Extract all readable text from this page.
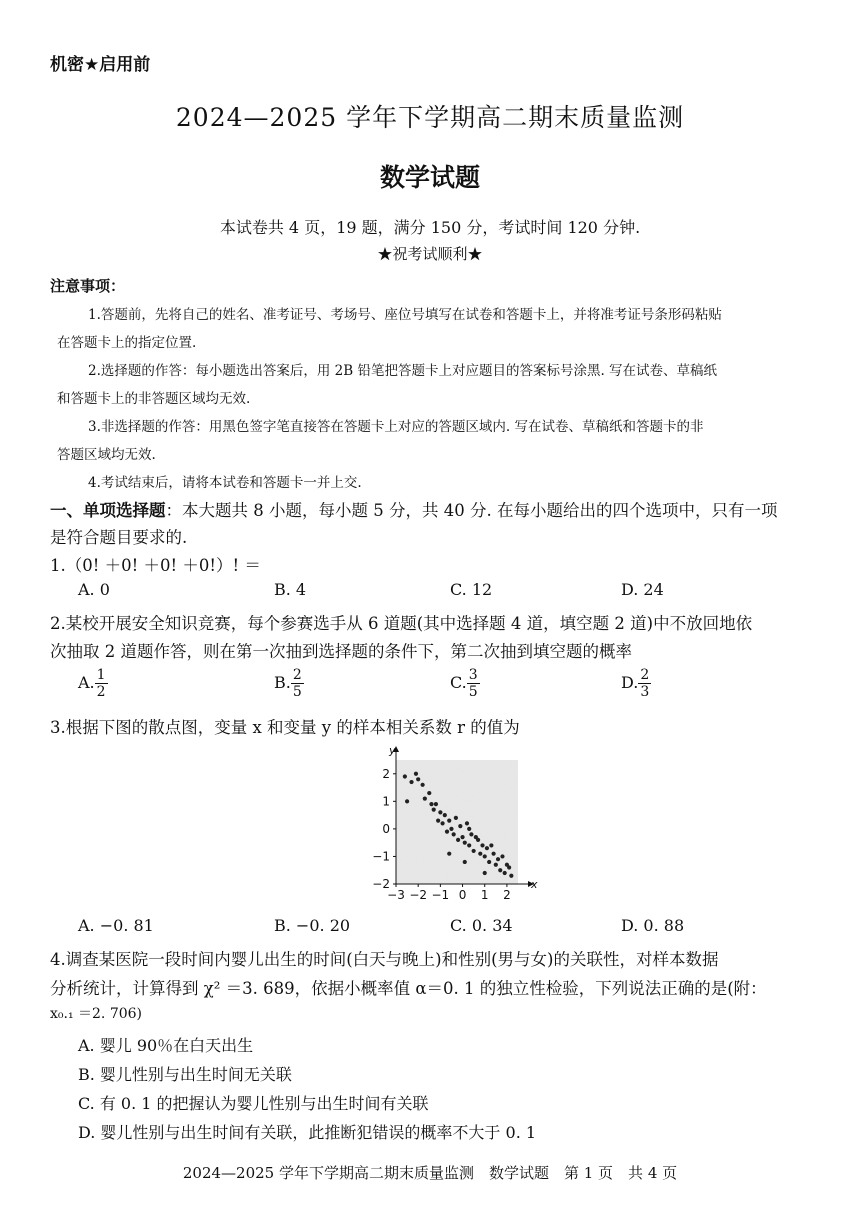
机密★启用前
2024—2025 学年下学期高二期末质量监测
数学试题
本试卷共 4 页，19 题，满分 150 分，考试时间 120 分钟.
★祝考试顺利★
注意事项：
1.答题前，先将自己的姓名、准考证号、考场号、座位号填写在试卷和答题卡上，并将准考证号条形码粘贴
在答题卡上的指定位置.
2.选择题的作答：每小题选出答案后，用 2B 铅笔把答题卡上对应题目的答案标号涂黑. 写在试卷、草稿纸
和答题卡上的非答题区域均无效.
3.非选择题的作答：用黑色签字笔直接答在答题卡上对应的答题区域内. 写在试卷、草稿纸和答题卡的非
答题区域均无效.
4.考试结束后，请将本试卷和答题卡一并上交.
一、单项选择题：本大题共 8 小题，每小题 5 分，共 40 分. 在每小题给出的四个选项中，只有一项
是符合题目要求的.
1.（0! ＋0! ＋0! ＋0!）! ＝
A. 0	B. 4	C. 12	D. 24
2.某校开展安全知识竞赛，每个参赛选手从 6 道题(其中选择题 4 道，填空题 2 道)中不放回地依
次抽取 2 道题作答，则在第一次抽到选择题的条件下，第二次抽到填空题的概率
A. $\frac{1}{2}$	B. $\frac{2}{5}$	C. $\frac{3}{5}$	D. $\frac{2}{3}$
3.根据下图的散点图，变量 x 和变量 y 的样本相关系数 r 的值为
y
x
2
1
0
−1
−2
−3 −2 −1 0 1 2
A. −0. 81	B. −0. 20	C. 0. 34	D. 0. 88
4.调查某医院一段时间内婴儿出生的时间(白天与晚上)和性别(男与女)的关联性，对样本数据
分析统计，计算得到 χ² ＝3. 689，依据小概率值 α＝0. 1 的独立性检验，下列说法正确的是(附：
x₀.₁ ＝2. 706)
A. 婴儿 90％在白天出生
B. 婴儿性别与出生时间无关联
C. 有 0. 1 的把握认为婴儿性别与出生时间有关联
D. 婴儿性别与出生时间有关联，此推断犯错误的概率不大于 0. 1
2024—2025 学年下学期高二期末质量监测　数学试题　第 1 页　共 4 页
